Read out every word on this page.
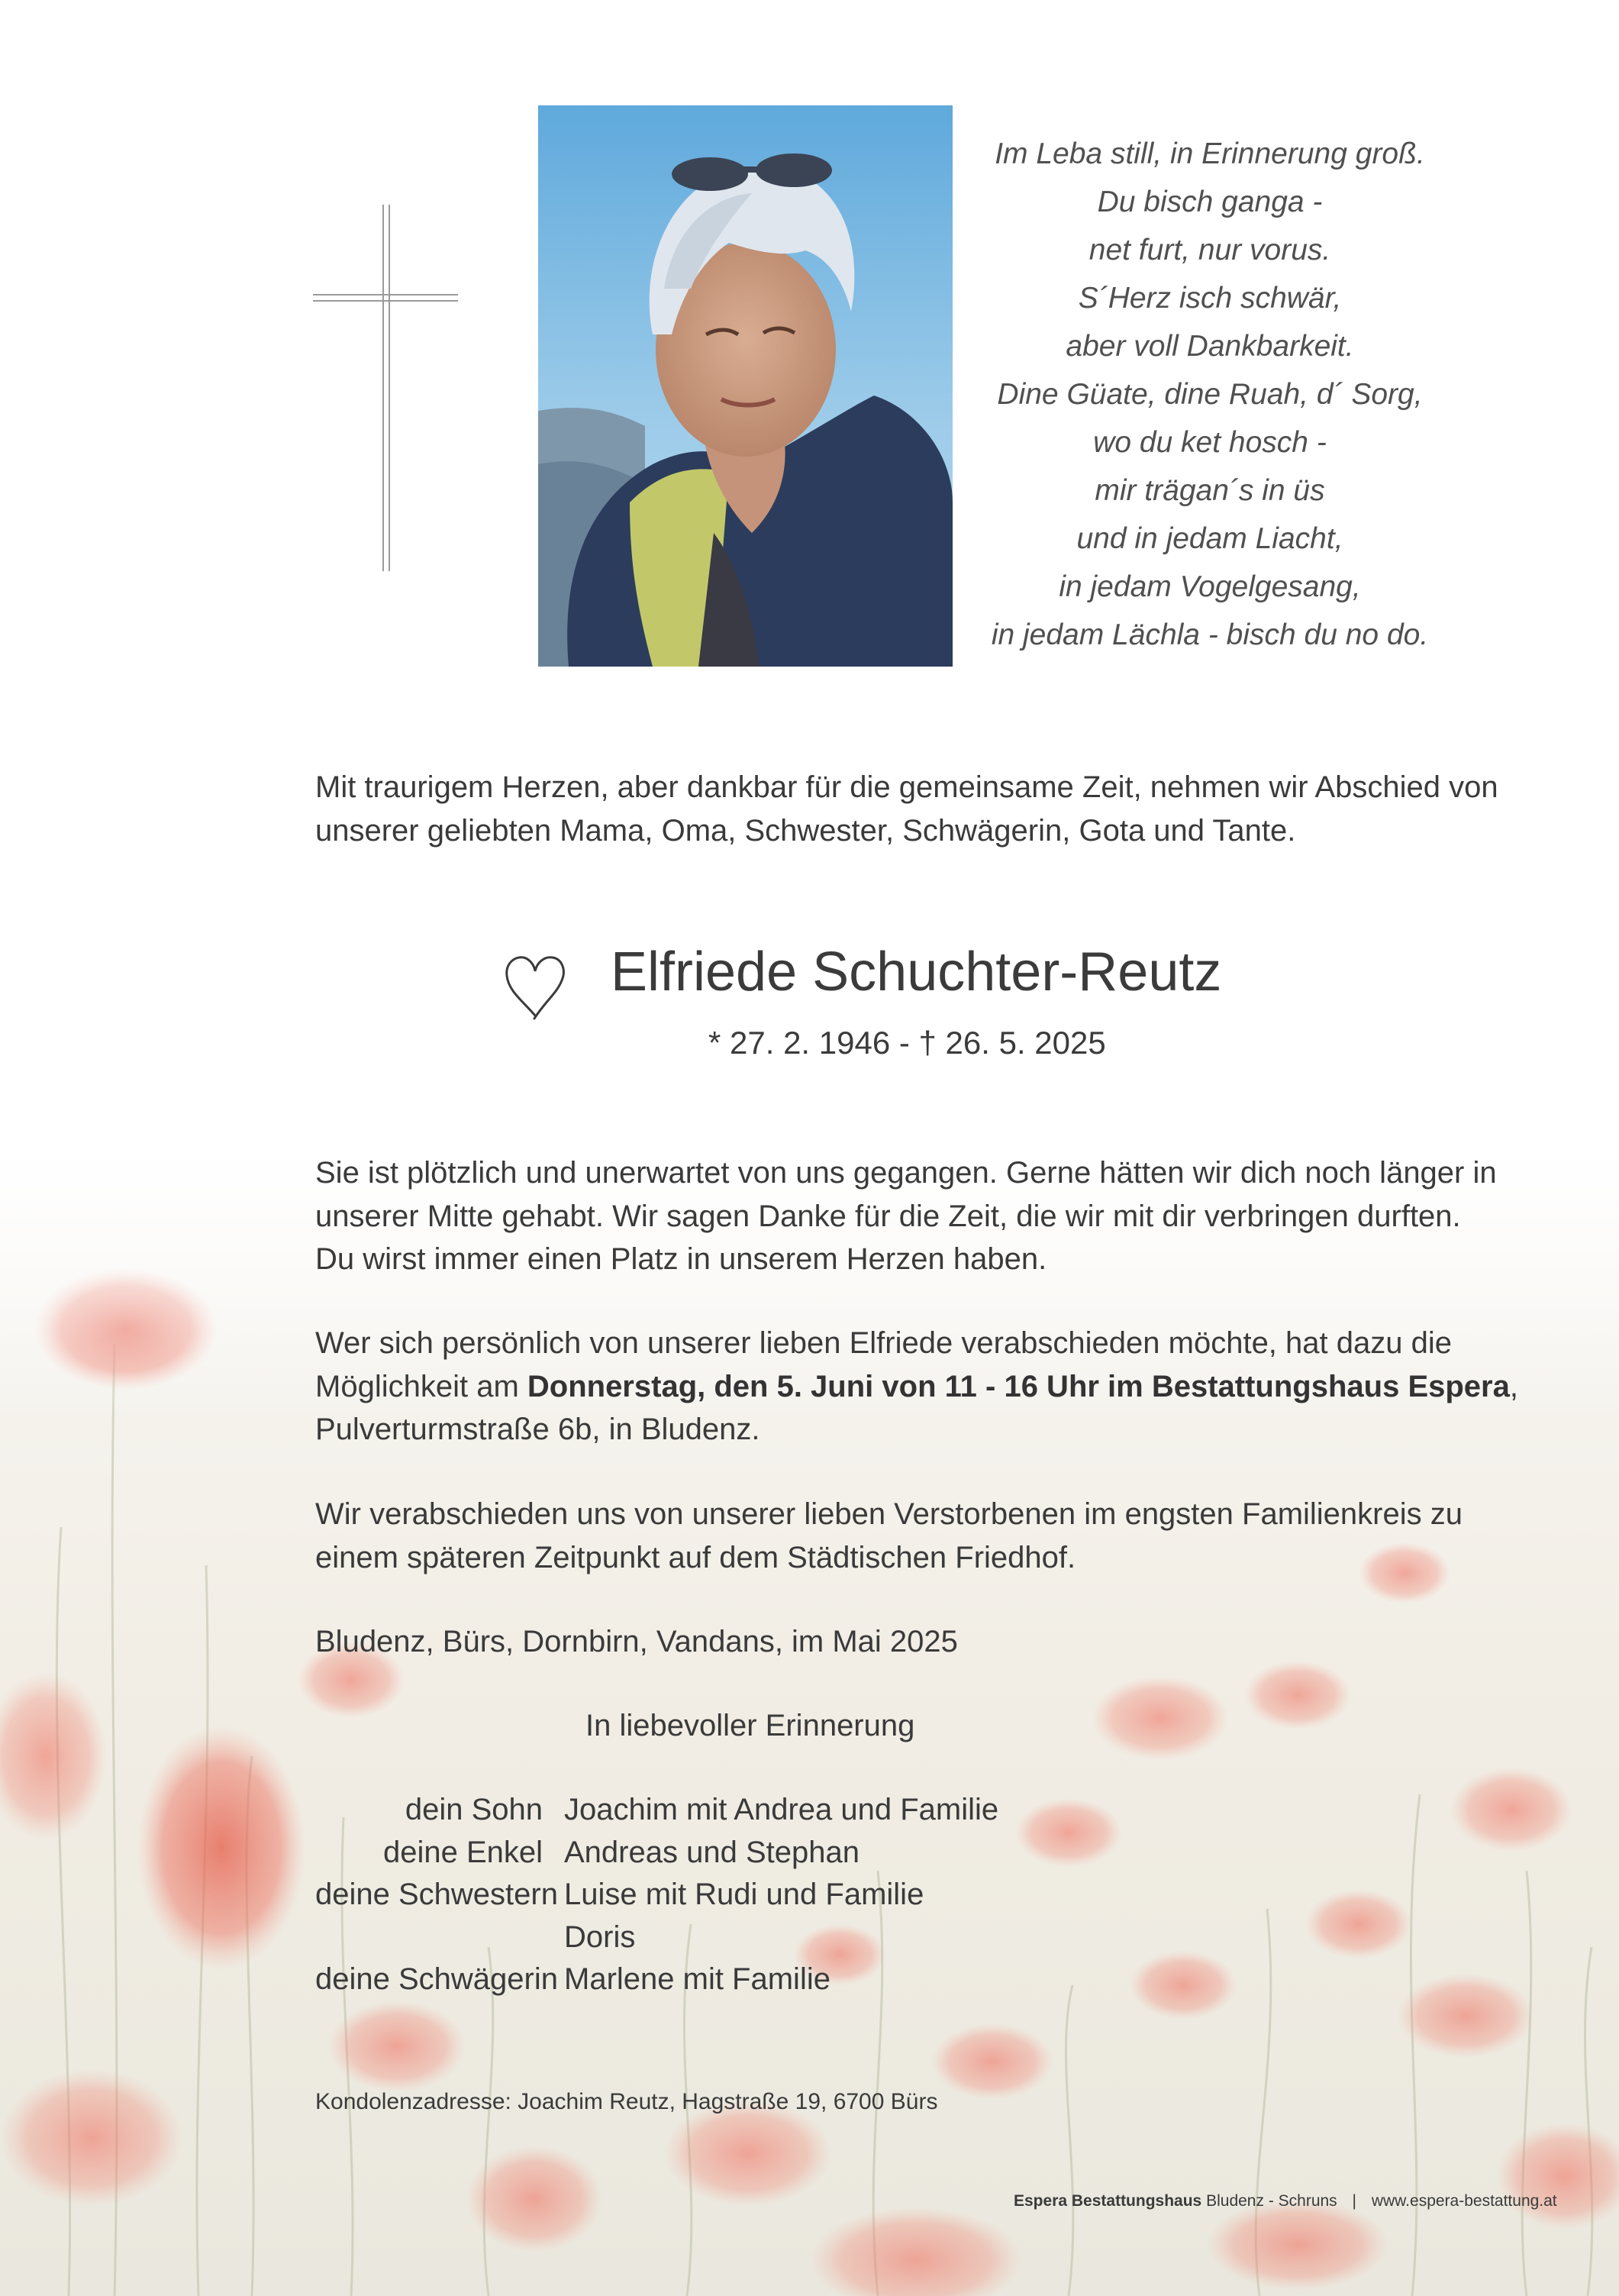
Im Leba still, in Erinnerung groß.
Du bisch ganga -
net furt, nur vorus.
S´Herz isch schwär,
aber voll Dankbarkeit.
Dine Güate, dine Ruah, d´ Sorg,
wo du ket hosch -
mir trägan´s in üs
und in jedam Liacht,
in jedam Vogelgesang,
in jedam Lächla - bisch du no do.
Mit traurigem Herzen, aber dankbar für die gemeinsame Zeit, nehmen wir Abschied von
unserer geliebten Mama, Oma, Schwester, Schwägerin, Gota und Tante.
Elfriede Schuchter-Reutz
* 27. 2. 1946 - † 26. 5. 2025
Sie ist plötzlich und unerwartet von uns gegangen. Gerne hätten wir dich noch länger in
unserer Mitte gehabt. Wir sagen Danke für die Zeit, die wir mit dir verbringen durften.
Du wirst immer einen Platz in unserem Herzen haben.
Wer sich persönlich von unserer lieben Elfriede verabschieden möchte, hat dazu die
Möglichkeit am Donnerstag, den 5. Juni von 11 - 16 Uhr im Bestattungshaus Espera,
Pulverturmstraße 6b, in Bludenz.
Wir verabschieden uns von unserer lieben Verstorbenen im engsten Familienkreis zu
einem späteren Zeitpunkt auf dem Städtischen Friedhof.
Bludenz, Bürs, Dornbirn, Vandans, im Mai 2025
In liebevoller Erinnerung
dein Sohn Joachim mit Andrea und Familie
deine Enkel Andreas und Stephan
deine Schwestern Luise mit Rudi und Familie
Doris
deine Schwägerin Marlene mit Familie
Kondolenzadresse: Joachim Reutz, Hagstraße 19, 6700 Bürs
Espera Bestattungshaus Bludenz - Schruns | www.espera-bestattung.at
